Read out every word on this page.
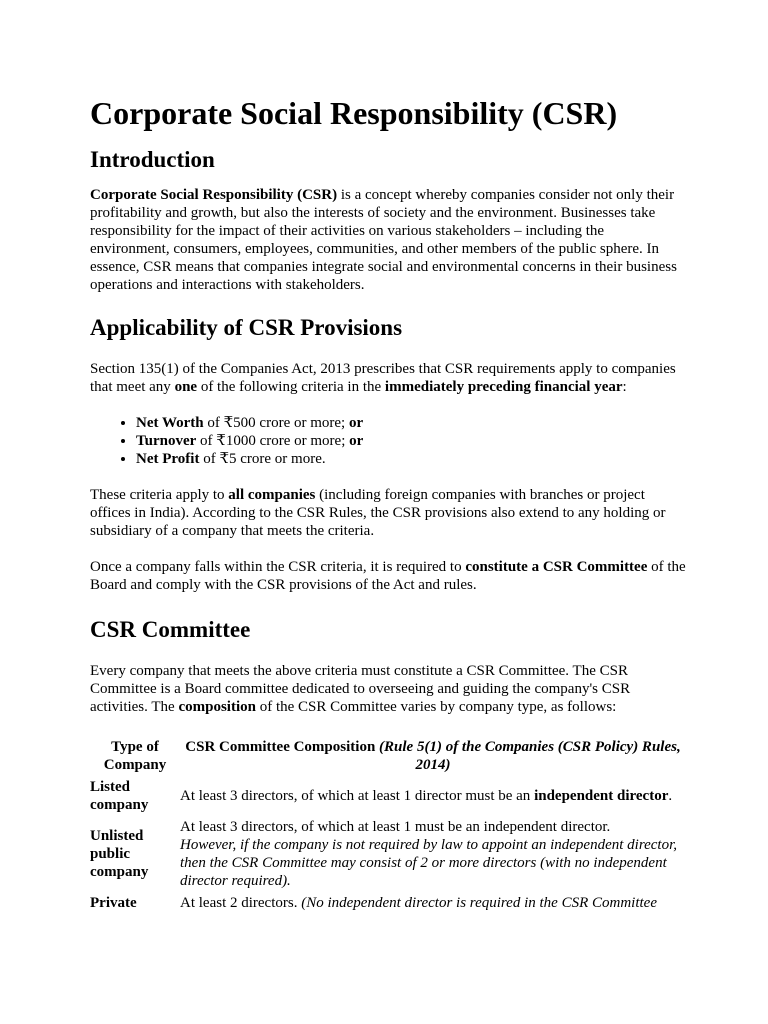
Corporate Social Responsibility (CSR)
Introduction

Corporate Social Responsibility (CSR) is a concept whereby companies consider not only their profitability and growth, but also the interests of society and the environment. Businesses take responsibility for the impact of their activities on various stakeholders – including the environment, consumers, employees, communities, and other members of the public sphere. In essence, CSR means that companies integrate social and environmental concerns in their business operations and interactions with stakeholders.

Applicability of CSR Provisions

Section 135(1) of the Companies Act, 2013 prescribes that CSR requirements apply to companies that meet any one of the following criteria in the immediately preceding financial year:

• Net Worth of ₹500 crore or more; or
• Turnover of ₹1000 crore or more; or
• Net Profit of ₹5 crore or more.

These criteria apply to all companies (including foreign companies with branches or project offices in India). According to the CSR Rules, the CSR provisions also extend to any holding or subsidiary of a company that meets the criteria.

Once a company falls within the CSR criteria, it is required to constitute a CSR Committee of the Board and comply with the CSR provisions of the Act and rules.

CSR Committee

Every company that meets the above criteria must constitute a CSR Committee. The CSR Committee is a Board committee dedicated to overseeing and guiding the company's CSR activities. The composition of the CSR Committee varies by company type, as follows:

Type of Company	CSR Committee Composition (Rule 5(1) of the Companies (CSR Policy) Rules, 2014)
Listed company	At least 3 directors, of which at least 1 director must be an independent director.
Unlisted public company	At least 3 directors, of which at least 1 must be an independent director.
However, if the company is not required by law to appoint an independent director, then the CSR Committee may consist of 2 or more directors (with no independent director required).
Private	At least 2 directors. (No independent director is required in the CSR Committee
